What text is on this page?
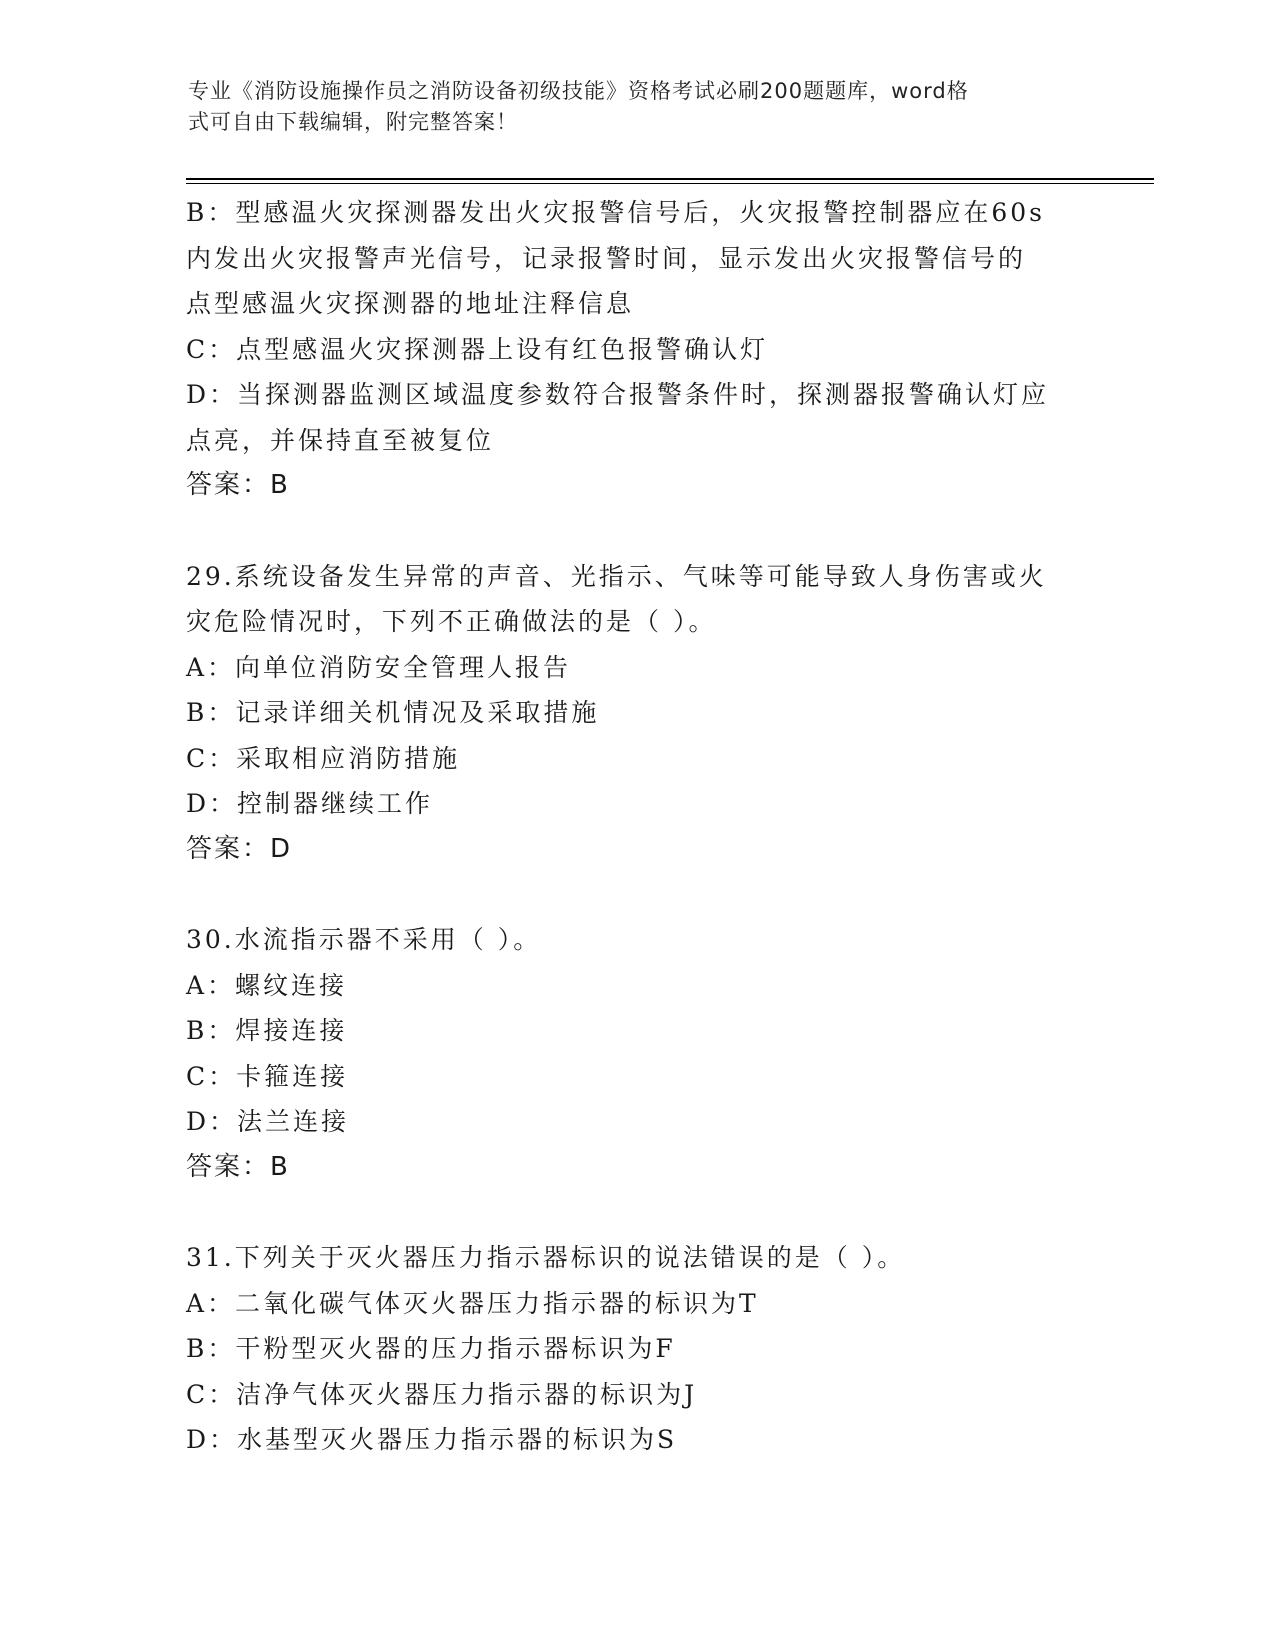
专业《消防设施操作员之消防设备初级技能》资格考试必刷200题题库，word格
式可自由下载编辑，附完整答案！
B：型感温火灾探测器发出火灾报警信号后，火灾报警控制器应在60s
内发出火灾报警声光信号，记录报警时间，显示发出火灾报警信号的
点型感温火灾探测器的地址注释信息
C：点型感温火灾探测器上设有红色报警确认灯
D：当探测器监测区域温度参数符合报警条件时，探测器报警确认灯应
点亮，并保持直至被复位
答案：B
29.系统设备发生异常的声音、光指示、气味等可能导致人身伤害或火
灾危险情况时，下列不正确做法的是（ ）。
A：向单位消防安全管理人报告
B：记录详细关机情况及采取措施
C：采取相应消防措施
D：控制器继续工作
答案：D
30.水流指示器不采用（ ）。
A：螺纹连接
B：焊接连接
C：卡箍连接
D：法兰连接
答案：B
31.下列关于灭火器压力指示器标识的说法错误的是（ ）。
A：二氧化碳气体灭火器压力指示器的标识为T
B：干粉型灭火器的压力指示器标识为F
C：洁净气体灭火器压力指示器的标识为J
D：水基型灭火器压力指示器的标识为S
